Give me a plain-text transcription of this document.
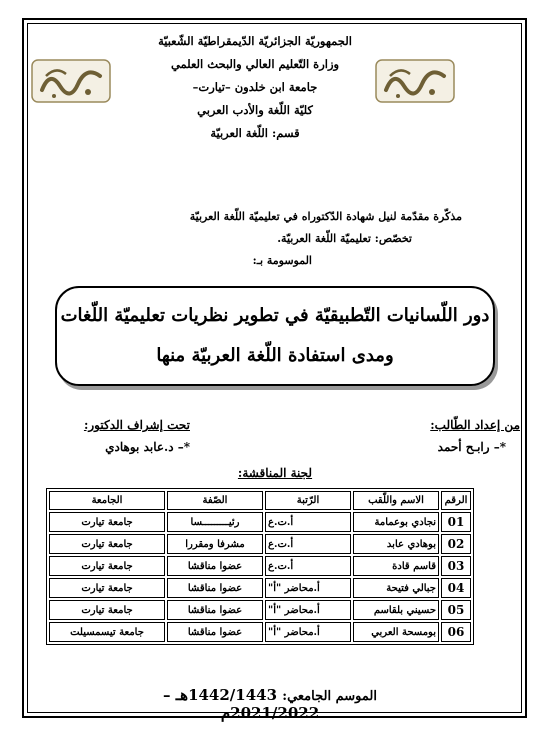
الجمهوريّة الجزائريّة الدّيمقراطيّة الشّعبيّة
وزارة التّعليم العالي والبحث العلمي
جامعة ابن خلدون –تيارت–
كليّة اللّغة والأدب العربي
قسم: اللّغة العربيّة
مذكّرة مقدّمة لنيل شهادة الدّكتوراه في تعليميّة اللّغة العربيّة
تخصّص: تعليميّة اللّغة العربيّة.
الموسومة بـ:
دور اللّسانيات التّطبيقيّة في تطوير نظريات تعليميّة اللّغات
ومدى استفادة اللّغة العربيّة منها
من إعداد الطّالب:
*– رابـح أحمد
تحت إشراف الدكتور:
*– د.عابد بوهادي
لجنة المناقشة:
الرقم	الاسم واللّقب	الرّتبة	الصّفة	الجامعة
01	نجادي بوعمامة	أ.ت.ع	رئيـــــــــسا	جامعة تيارت
02	بوهادي عابد	أ.ت.ع	مشرفا ومقررا	جامعة تيارت
03	قاسم قادة	أ.ت.ع	عضوا مناقشا	جامعة تيارت
04	جبالي فتيحة	أ.محاضر "أ"	عضوا مناقشا	جامعة تيارت
05	حسيني بلقاسم	أ.محاضر "أ"	عضوا مناقشا	جامعة تيارت
06	بومسحة العربي	أ.محاضر "أ"	عضوا مناقشا	جامعة تيسمسيلت
الموسم الجامعي: 1442/1443هـ –2021/2022م
